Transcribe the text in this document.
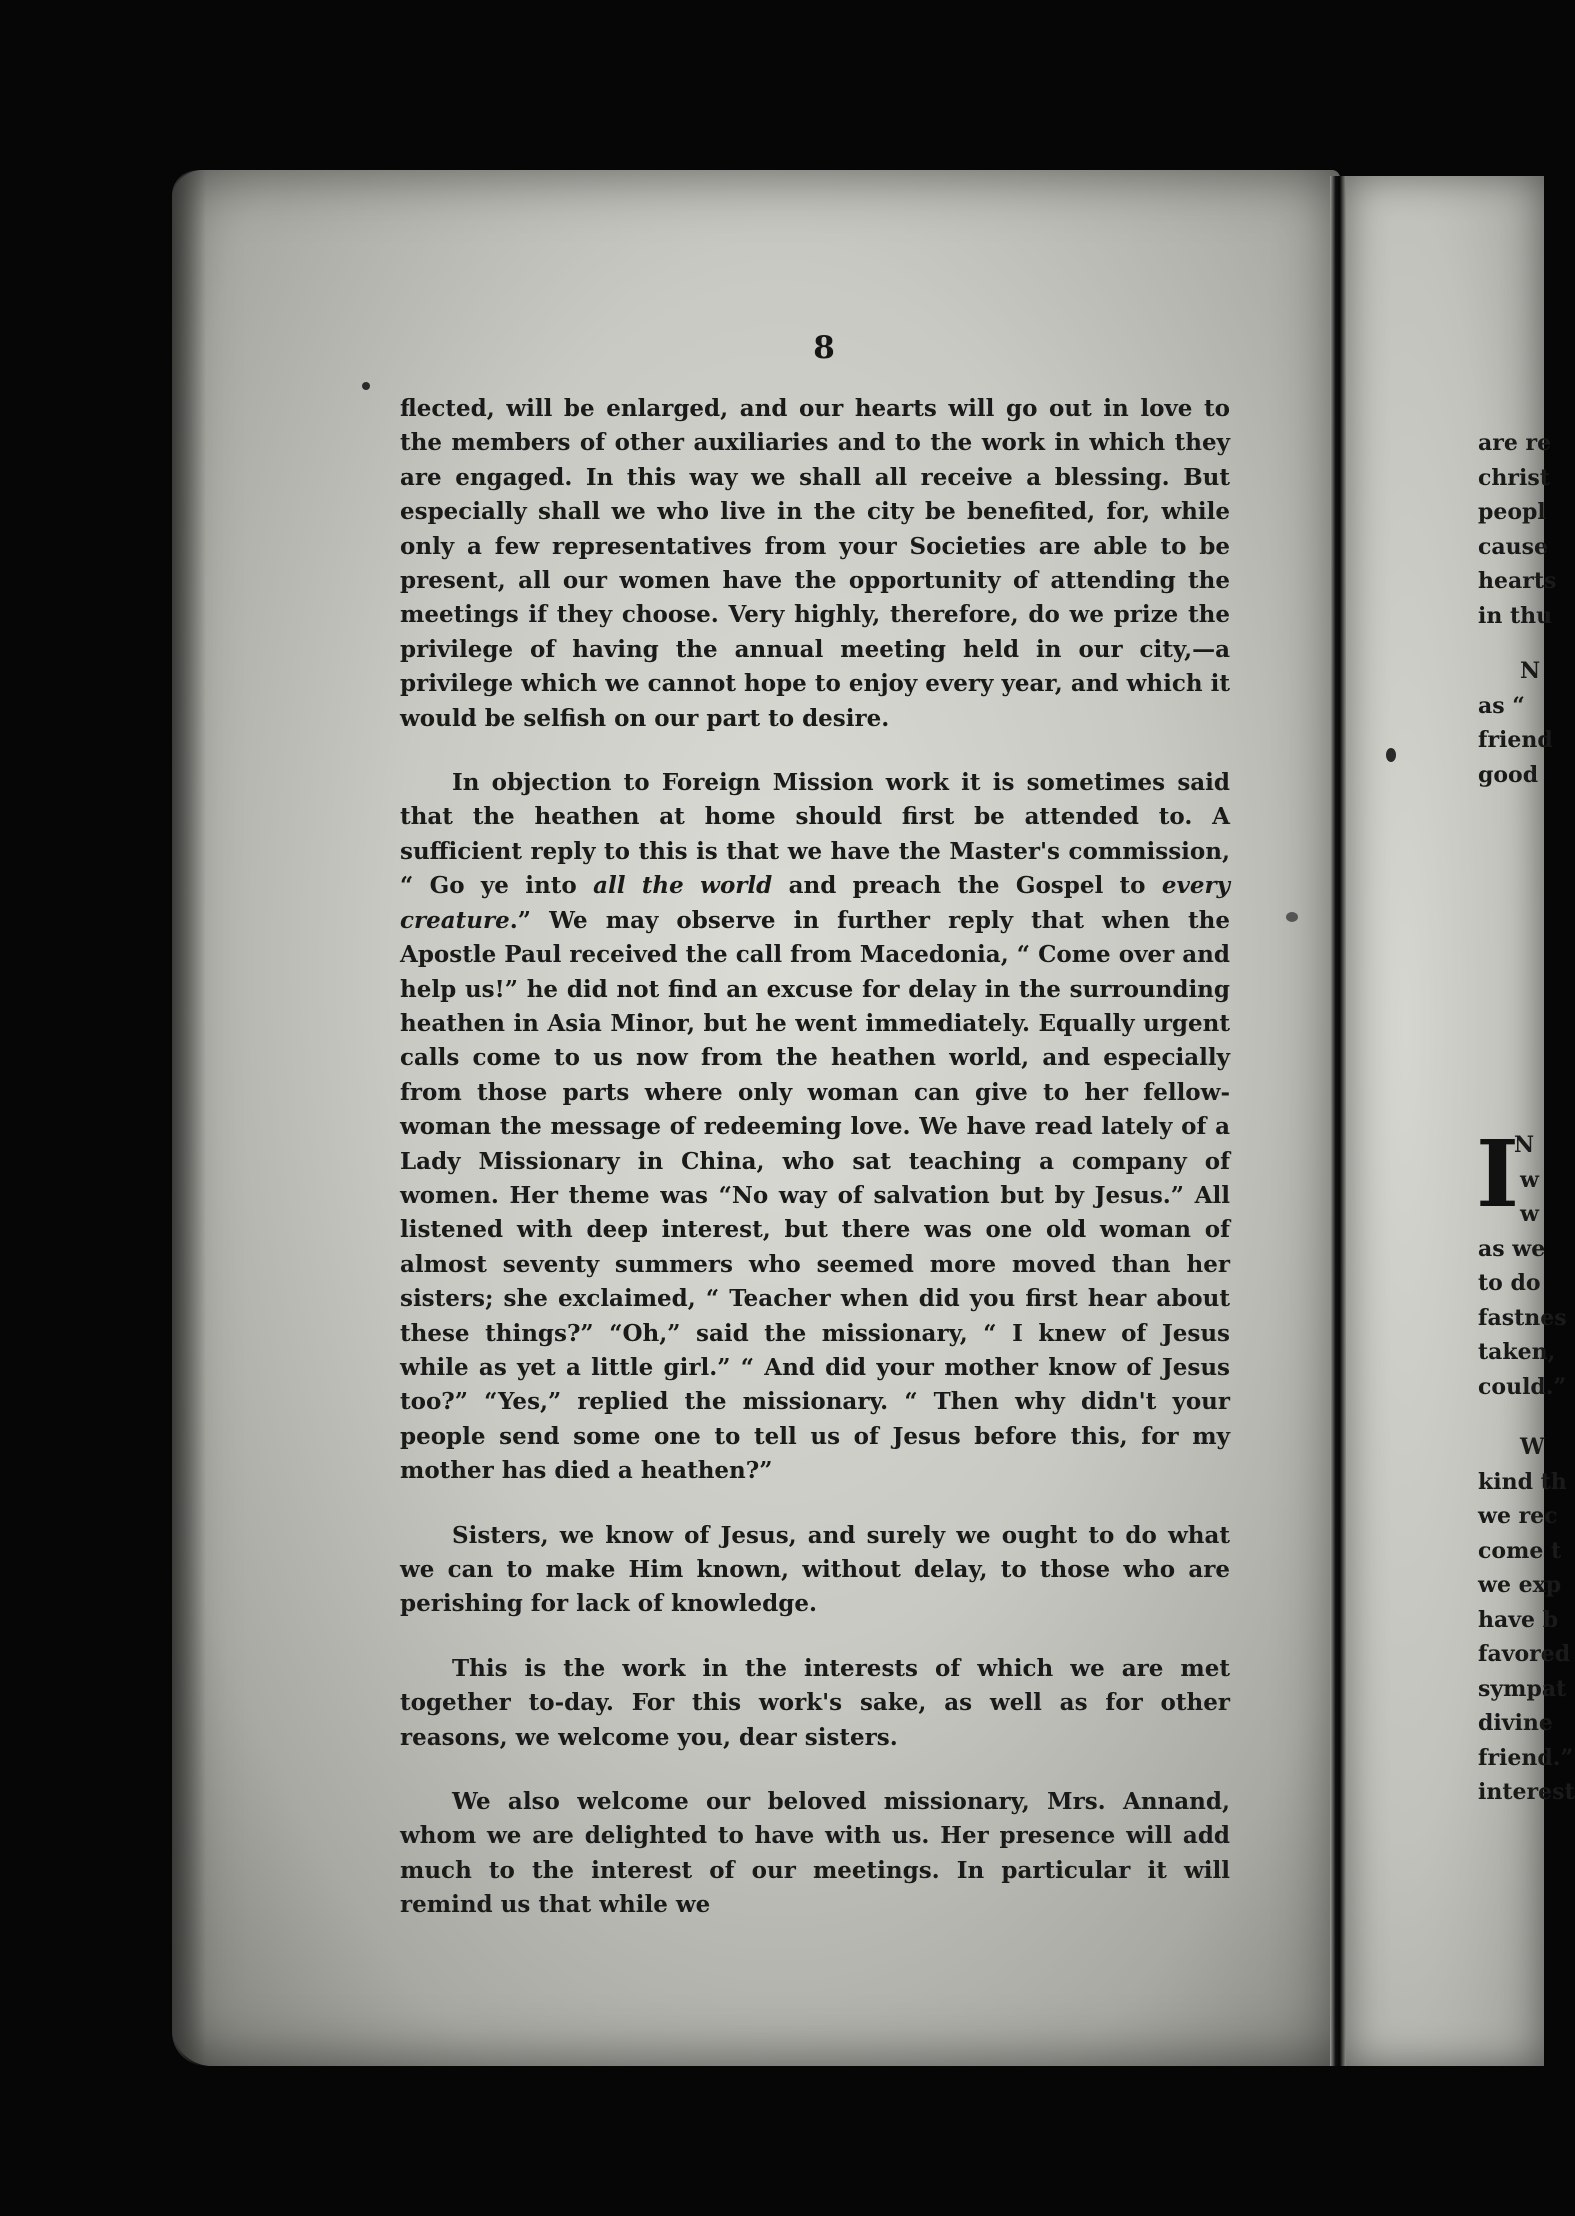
8

flected, will be enlarged, and our hearts will go out in love to the members of other auxiliaries and to the work in which they are engaged. In this way we shall all receive a blessing. But especially shall we who live in the city be benefited, for, while only a few representatives from your Societies are able to be present, all our women have the opportunity of attending the meetings if they choose. Very highly, therefore, do we prize the privilege of having the annual meeting held in our city,—a privilege which we cannot hope to enjoy every year, and which it would be selfish on our part to desire.

In objection to Foreign Mission work it is sometimes said that the heathen at home should first be attended to. A sufficient reply to this is that we have the Master's commission, “ Go ye into all the world and preach the Gospel to every creature.” We may observe in further reply that when the Apostle Paul received the call from Macedonia, “ Come over and help us!” he did not find an excuse for delay in the surrounding heathen in Asia Minor, but he went immediately. Equally urgent calls come to us now from the heathen world, and especially from those parts where only woman can give to her fellow-woman the message of redeeming love. We have read lately of a Lady Missionary in China, who sat teaching a company of women. Her theme was “No way of salvation but by Jesus.” All listened with deep interest, but there was one old woman of almost seventy summers who seemed more moved than her sisters; she exclaimed, “ Teacher when did you first hear about these things?” “Oh,” said the missionary, “ I knew of Jesus while as yet a little girl.” “ And did your mother know of Jesus too?” “Yes,” replied the missionary. “ Then why didn't your people send some one to tell us of Jesus before this, for my mother has died a heathen?”

Sisters, we know of Jesus, and surely we ought to do what we can to make Him known, without delay, to those who are perishing for lack of knowledge.

This is the work in the interests of which we are met together to-day. For this work's sake, as well as for other reasons, we welcome you, dear sisters.

We also welcome our beloved missionary, Mrs. Annand, whom we are delighted to have with us. Her presence will add much to the interest of our meetings. In particular it will remind us that while we

are re
christ
peopl
cause
hearts
in thu
N
as “
friend
good
I
N
w
w
as we
to do
fastnes
taken,
could.”
W
kind th
we rec
come t
we exp
have b
favored
sympat
divine
friend.”
interest
